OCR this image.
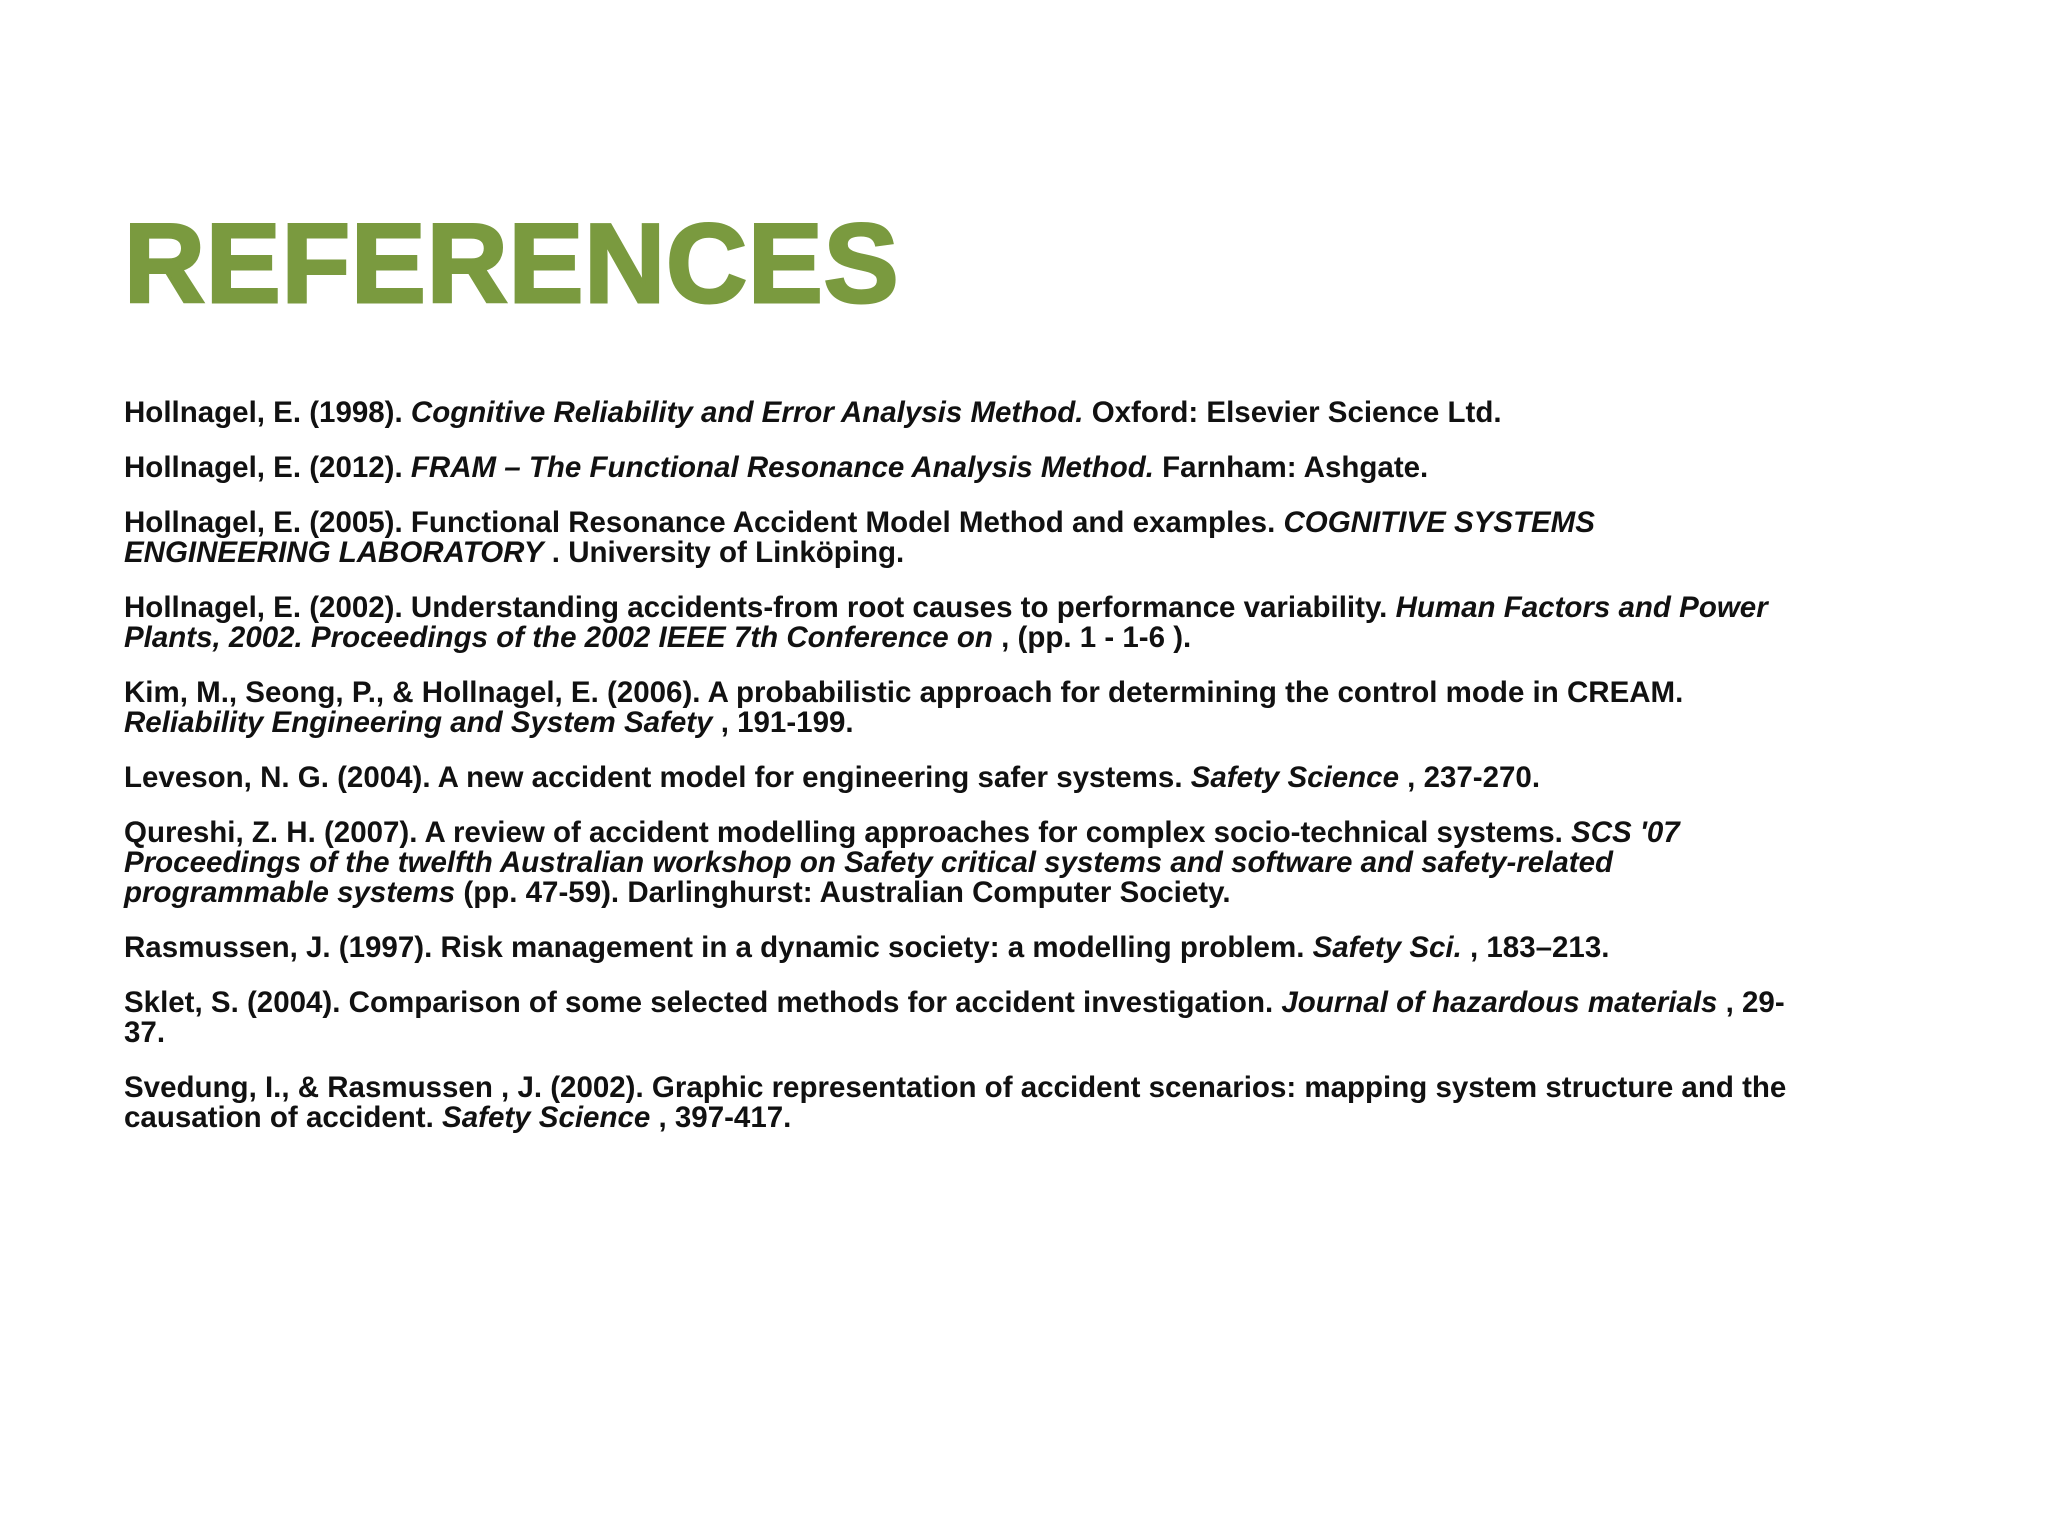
REFERENCES
Hollnagel, E. (1998). Cognitive Reliability and Error Analysis Method. Oxford: Elsevier Science Ltd.
Hollnagel, E. (2012). FRAM – The Functional Resonance Analysis Method. Farnham: Ashgate.
Hollnagel, E. (2005). Functional Resonance Accident Model Method and examples. COGNITIVE SYSTEMS ENGINEERING LABORATORY . University of Linköping.
Hollnagel, E. (2002). Understanding accidents-from root causes to performance variability. Human Factors and Power Plants, 2002. Proceedings of the 2002 IEEE 7th Conference on , (pp. 1 - 1-6 ).
Kim, M., Seong, P., & Hollnagel, E. (2006). A probabilistic approach for determining the control mode in CREAM. Reliability Engineering and System Safety , 191-199.
Leveson, N. G. (2004). A new accident model for engineering safer systems. Safety Science , 237-270.
Qureshi, Z. H. (2007). A review of accident modelling approaches for complex socio-technical systems. SCS '07 Proceedings of the twelfth Australian workshop on Safety critical systems and software and safety-related programmable systems (pp. 47-59). Darlinghurst: Australian Computer Society.
Rasmussen, J. (1997). Risk management in a dynamic society: a modelling problem. Safety Sci. , 183–213.
Sklet, S. (2004). Comparison of some selected methods for accident investigation. Journal of hazardous materials , 29-37.
Svedung, I., & Rasmussen , J. (2002). Graphic representation of accident scenarios: mapping system structure and the causation of accident. Safety Science , 397-417.
